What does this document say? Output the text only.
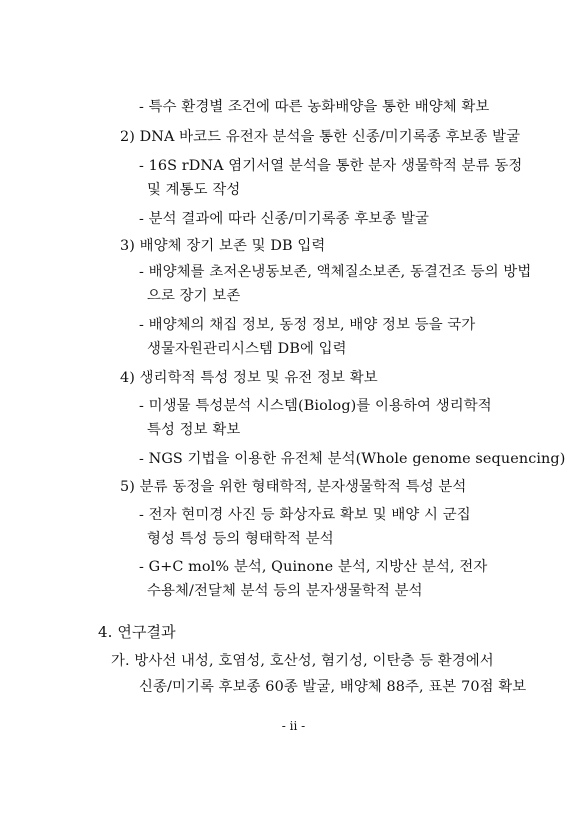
- 특수 환경별 조건에 따른 농화배양을 통한 배양체 확보
2) DNA 바코드 유전자 분석을 통한 신종/미기록종 후보종 발굴
- 16S rDNA 염기서열 분석을 통한 분자 생물학적 분류 동정
및 계통도 작성
- 분석 결과에 따라 신종/미기록종 후보종 발굴
3) 배양체 장기 보존 및 DB 입력
- 배양체를 초저온냉동보존, 액체질소보존, 동결건조 등의 방법
으로 장기 보존
- 배양체의 채집 정보, 동정 정보, 배양 정보 등을 국가
생물자원관리시스템 DB에 입력
4) 생리학적 특성 정보 및 유전 정보 확보
- 미생물 특성분석 시스템(Biolog)를 이용하여 생리학적
특성 정보 확보
- NGS 기법을 이용한 유전체 분석(Whole genome sequencing)
5) 분류 동정을 위한 형태학적, 분자생물학적 특성 분석
- 전자 현미경 사진 등 화상자료 확보 및 배양 시 군집
형성 특성 등의 형태학적 분석
- G+C mol% 분석, Quinone 분석, 지방산 분석, 전자
수용체/전달체 분석 등의 분자생물학적 분석
4. 연구결과
가. 방사선 내성, 호염성, 호산성, 혐기성, 이탄층 등 환경에서
신종/미기록 후보종 60종 발굴, 배양체 88주, 표본 70점 확보
- ii -
